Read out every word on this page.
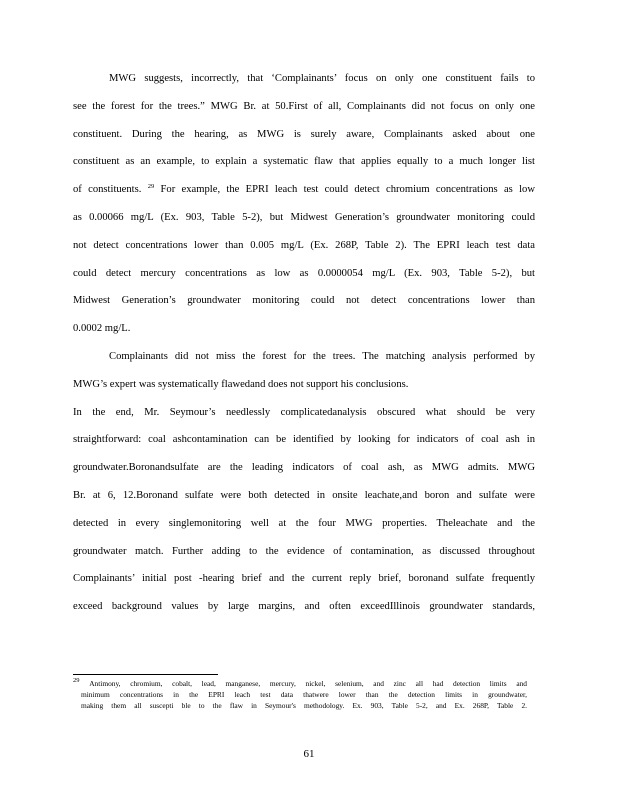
MWG suggests, incorrectly, that ‘Complainants’ focus on only one constituent fails to
see the forest for the trees.” MWG Br. at 50.First of all, Complainants did not focus on only one
constituent. During the hearing, as MWG is surely aware, Complainants asked about one
constituent as an example, to explain a systematic flaw that applies equally to a much longer list
of constituents. $^{29}$ For example, the EPRI leach test could detect chromium concentrations as low
as 0.00066 mg/L (Ex. 903, Table 5-2), but Midwest Generation’s groundwater monitoring could
not detect concentrations lower than 0.005 mg/L (Ex. 268P, Table 2). The EPRI leach test data
could detect mercury concentrations as low as 0.0000054 mg/L (Ex. 903, Table 5-2), but
Midwest Generation’s groundwater monitoring could not detect concentrations lower than
0.0002 mg/L.
Complainants did not miss the forest for the trees. The matching analysis performed by
MWG’s expert was systematically flawedand does not support his conclusions.
In the end, Mr. Seymour’s needlessly complicatedanalysis obscured what should be very
straightforward: coal ashcontamination can be identified by looking for indicators of coal ash in
groundwater.Boronandsulfate are the leading indicators of coal ash, as MWG admits. MWG
Br. at 6, 12.Boronand sulfate were both detected in onsite leachate,and boron and sulfate were
detected in every singlemonitoring well at the four MWG properties. Theleachate and the
groundwater match. Further adding to the evidence of contamination, as discussed throughout
Complainants’ initial post -hearing brief and the current reply brief, boronand sulfate frequently
exceed background values by large margins, and often exceedIllinois groundwater standards,
$^{29}$ Antimony, chromium, cobalt, lead, manganese, mercury, nickel, selenium, and zinc all had detection limits and
minimum concentrations in the EPRI leach test data thatwere lower than the detection limits in groundwater,
making them all suscepti ble to the flaw in Seymour's methodology. Ex. 903, Table 5-2, and Ex. 268P, Table 2.
61
